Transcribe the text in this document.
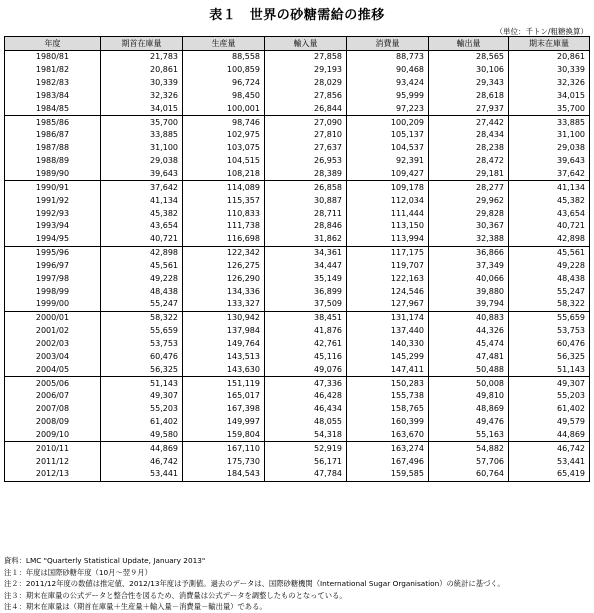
表１　世界の砂糖需給の推移
（単位：千トン/粗糖換算）
年度	期首在庫量	生産量	輸入量	消費量	輸出量	期末在庫量
1980/81	21,783	88,558	27,858	88,773	28,565	20,861
1981/82	20,861	100,859	29,193	90,468	30,106	30,339
1982/83	30,339	96,724	28,029	93,424	29,343	32,326
1983/84	32,326	98,450	27,856	95,999	28,618	34,015
1984/85	34,015	100,001	26,844	97,223	27,937	35,700
1985/86	35,700	98,746	27,090	100,209	27,442	33,885
1986/87	33,885	102,975	27,810	105,137	28,434	31,100
1987/88	31,100	103,075	27,637	104,537	28,238	29,038
1988/89	29,038	104,515	26,953	92,391	28,472	39,643
1989/90	39,643	108,218	28,389	109,427	29,181	37,642
1990/91	37,642	114,089	26,858	109,178	28,277	41,134
1991/92	41,134	115,357	30,887	112,034	29,962	45,382
1992/93	45,382	110,833	28,711	111,444	29,828	43,654
1993/94	43,654	111,738	28,846	113,150	30,367	40,721
1994/95	40,721	116,698	31,862	113,994	32,388	42,898
1995/96	42,898	122,342	34,361	117,175	36,866	45,561
1996/97	45,561	126,275	34,447	119,707	37,349	49,228
1997/98	49,228	126,290	35,149	122,163	40,066	48,438
1998/99	48,438	134,336	36,899	124,546	39,880	55,247
1999/00	55,247	133,327	37,509	127,967	39,794	58,322
2000/01	58,322	130,942	38,451	131,174	40,883	55,659
2001/02	55,659	137,984	41,876	137,440	44,326	53,753
2002/03	53,753	149,764	42,761	140,330	45,474	60,476
2003/04	60,476	143,513	45,116	145,299	47,481	56,325
2004/05	56,325	143,630	49,076	147,411	50,488	51,143
2005/06	51,143	151,119	47,336	150,283	50,008	49,307
2006/07	49,307	165,017	46,428	155,738	49,810	55,203
2007/08	55,203	167,398	46,434	158,765	48,869	61,402
2008/09	61,402	149,997	48,055	160,399	49,476	49,579
2009/10	49,580	159,804	54,318	163,670	55,163	44,869
2010/11	44,869	167,110	52,919	163,274	54,882	46,742
2011/12	46,742	175,730	56,171	167,496	57,706	53,441
2012/13	53,441	184,543	47,784	159,585	60,764	65,419
資料：LMC "Quarterly Statistical Update, January 2013"
注１：年度は国際砂糖年度（10月～翌９月）
注２：2011/12年度の数値は推定値、2012/13年度は予測値。過去のデータは、国際砂糖機関（International Sugar Organisation）の統計に基づく。
注３：期末在庫量の公式データと整合性を図るため、消費量は公式データを調整したものとなっている。
注４：期末在庫量は（期首在庫量＋生産量＋輸入量－消費量－輸出量）である。
